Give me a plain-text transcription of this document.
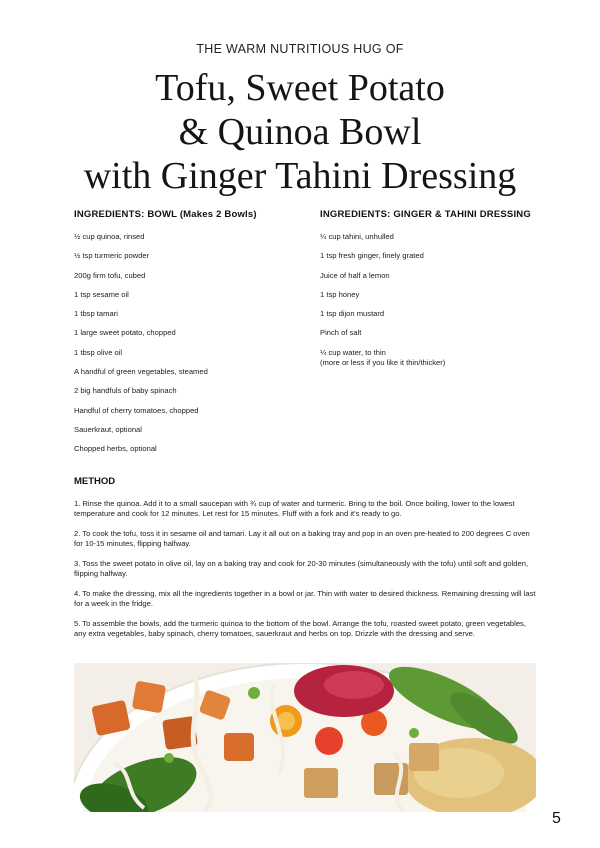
THE WARM NUTRITIOUS HUG OF
Tofu, Sweet Potato
& Quinoa Bowl
with Ginger Tahini Dressing
INGREDIENTS: BOWL (Makes 2 Bowls)
½ cup quinoa, rinsed
½ tsp turmeric powder
200g firm tofu, cubed
1 tsp sesame oil
1 tbsp tamari
1 large sweet potato, chopped
1 tbsp olive oil
A handful of green vegetables, steamed
2 big handfuls of baby spinach
Handful of cherry tomatoes, chopped
Sauerkraut, optional
Chopped herbs, optional
INGREDIENTS: GINGER & TAHINI DRESSING
¼ cup tahini, unhulled
1 tsp fresh ginger, finely grated
Juice of half a lemon
1 tsp honey
1 tsp dijon mustard
Pinch of salt
¼ cup water, to thin
(more or less if you like it thin/thicker)
METHOD

1. Rinse the quinoa. Add it to a small saucepan with ¾ cup of water and turmeric. Bring to the boil. Once boiling, lower to the lowest temperature and cook for 12 minutes. Let rest for 15 minutes. Fluff with a fork and it's ready to go.

2. To cook the tofu, toss it in sesame oil and tamari. Lay it all out on a baking tray and pop in an oven pre-heated to 200 degrees C oven for 10-15 minutes, flipping halfway.

3. Toss the sweet potato in olive oil, lay on a baking tray and cook for 20-30 minutes (simultaneously with the tofu) until soft and golden, flipping halfway.

4. To make the dressing, mix all the ingredients together in a bowl or jar. Thin with water to desired thickness. Remaining dressing will last for a week in the fridge.

5. To assemble the bowls, add the turmeric quinoa to the bottom of the bowl. Arrange the tofu, roasted sweet potato, green vegetables, any extra vegetables, baby spinach, cherry tomatoes, sauerkraut and herbs on top. Drizzle with the dressing and serve.

5
